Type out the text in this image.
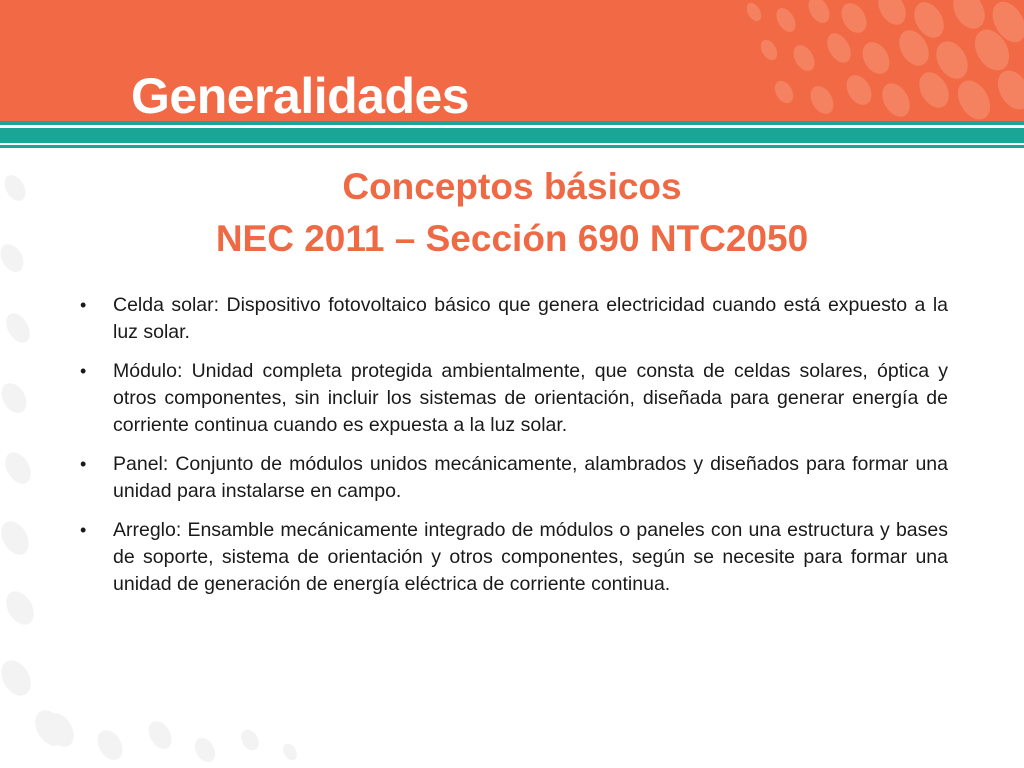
Generalidades
Conceptos básicos
NEC 2011 – Sección 690 NTC2050
•	Celda solar: Dispositivo fotovoltaico básico que genera electricidad cuando está expuesto a la luz solar.
•	Módulo: Unidad completa protegida ambientalmente, que consta de celdas solares, óptica y otros componentes, sin incluir los sistemas de orientación, diseñada para generar energía de corriente continua cuando es expuesta a la luz solar.
•	Panel: Conjunto de módulos unidos mecánicamente, alambrados y diseñados para formar una unidad para instalarse en campo.
•	Arreglo: Ensamble mecánicamente integrado de módulos o paneles con una estructura y bases de soporte, sistema de orientación y otros componentes, según se necesite para formar una unidad de generación de energía eléctrica de corriente continua.
